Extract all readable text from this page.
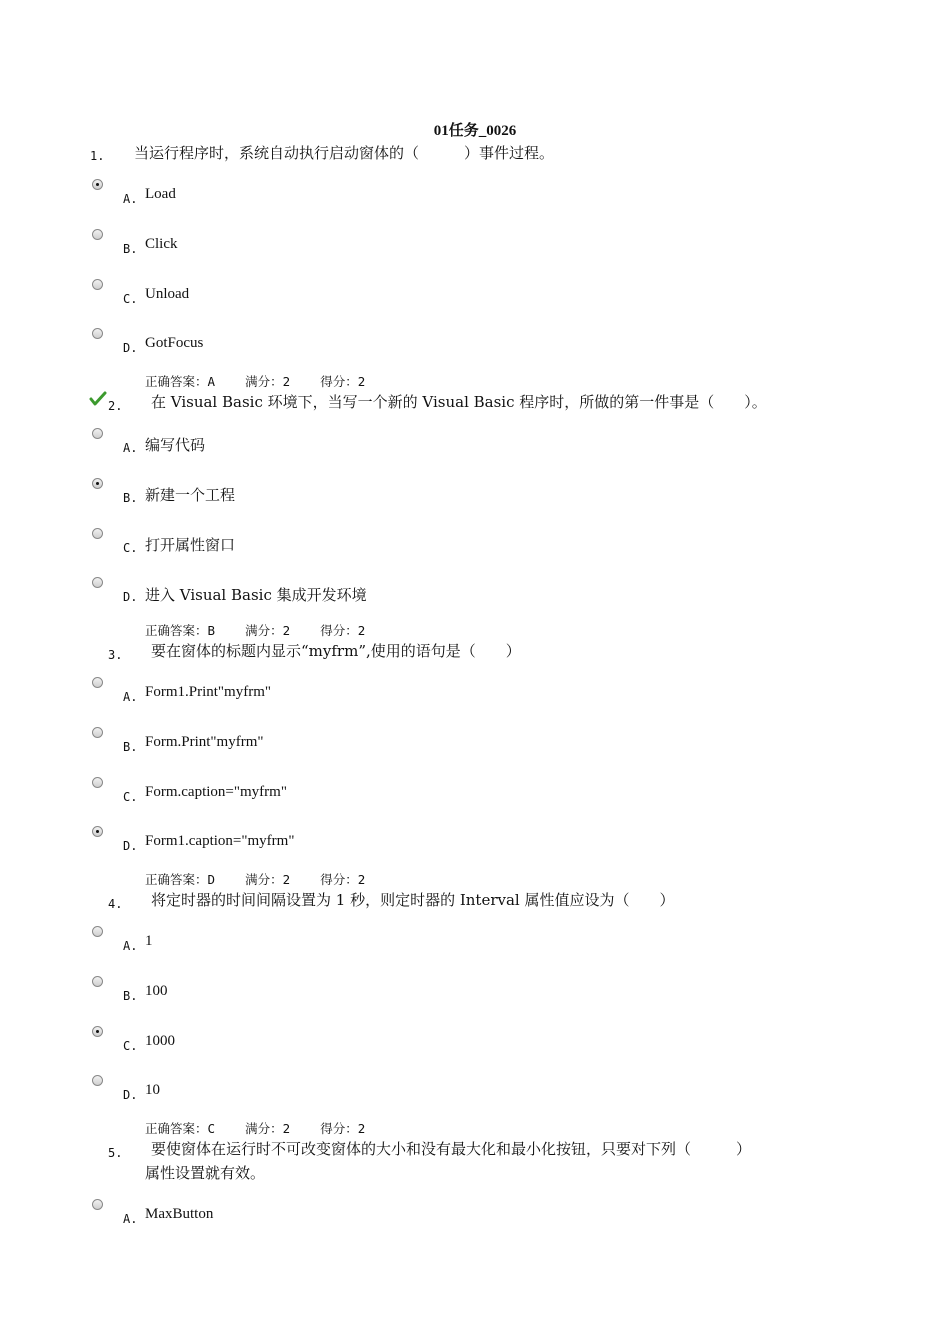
01任务_0026
1. 当运行程序时，系统自动执行启动窗体的（　　　）事件过程。
A. Load
B. Click
C. Unload
D. GotFocus
正确答案：A    满分：2    得分：2
2. 在 Visual Basic 环境下，当写一个新的 Visual Basic 程序时，所做的第一件事是（　　）。
A. 编写代码
B. 新建一个工程
C. 打开属性窗口
D. 进入 Visual Basic 集成开发环境
正确答案：B    满分：2    得分：2
3. 要在窗体的标题内显示“myfrm”,使用的语句是（　　）
A. Form1.Print"myfrm"
B. Form.Print"myfrm"
C. Form.caption="myfrm"
D. Form1.caption="myfrm"
正确答案：D    满分：2    得分：2
4. 将定时器的时间间隔设置为 1 秒，则定时器的 Interval 属性值应设为（　　）
A. 1
B. 100
C. 1000
D. 10
正确答案：C    满分：2    得分：2
5. 要使窗体在运行时不可改变窗体的大小和没有最大化和最小化按钮，只要对下列（　　　）
属性设置就有效。
A. MaxButton
